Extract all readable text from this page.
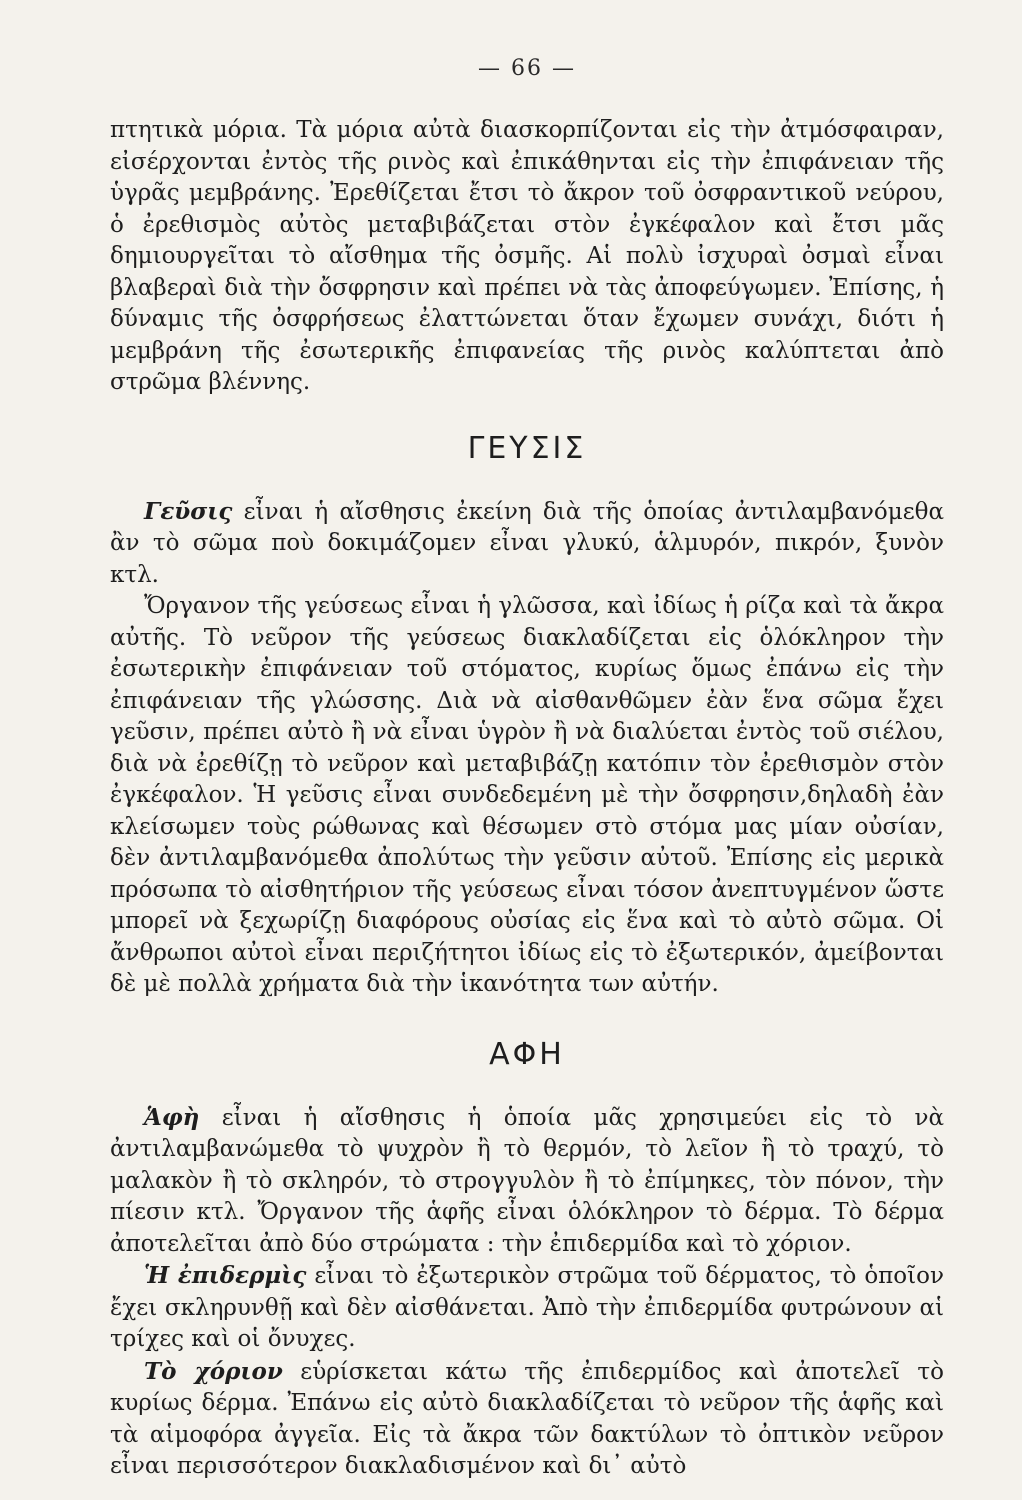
— 66 —

πτητικὰ μόρια. Τὰ μόρια αὐτὰ διασκορπίζονται εἰς τὴν ἀτμόσφαιραν, εἰσέρχονται ἐντὸς τῆς ρινὸς καὶ ἐπικάθηνται εἰς τὴν ἐπιφάνειαν τῆς ὑγρᾶς μεμβράνης. Ἐρεθίζεται ἔτσι τὸ ἄκρον τοῦ ὀσφραντικοῦ νεύρου, ὁ ἐρεθισμὸς αὐτὸς μεταβιβάζεται στὸν ἐγκέφαλον καὶ ἔτσι μᾶς δημιουργεῖται τὸ αἴσθημα τῆς ὀσμῆς. Αἱ πολὺ ἰσχυραὶ ὀσμαὶ εἶναι βλαβεραὶ διὰ τὴν ὄσφρησιν καὶ πρέπει νὰ τὰς ἀποφεύγωμεν. Ἐπίσης, ἡ δύναμις τῆς ὀσφρήσεως ἐλαττώνεται ὅταν ἔχωμεν συνάχι, διότι ἡ μεμβράνη τῆς ἐσωτερικῆς ἐπιφανείας τῆς ρινὸς καλύπτεται ἀπὸ στρῶμα βλέννης.

ΓΕΥΣΙΣ

Γεῦσις εἶναι ἡ αἴσθησις ἐκείνη διὰ τῆς ὁποίας ἀντιλαμβανόμεθα ἂν τὸ σῶμα ποὺ δοκιμάζομεν εἶναι γλυκύ, ἁλμυρόν, πικρόν, ξυνὸν κτλ.

Ὄργανον τῆς γεύσεως εἶναι ἡ γλῶσσα, καὶ ἰδίως ἡ ρίζα καὶ τὰ ἄκρα αὐτῆς. Τὸ νεῦρον τῆς γεύσεως διακλαδίζεται εἰς ὁλόκληρον τὴν ἐσωτερικὴν ἐπιφάνειαν τοῦ στόματος, κυρίως ὅμως ἐπάνω εἰς τὴν ἐπιφάνειαν τῆς γλώσσης. Διὰ νὰ αἰσθανθῶμεν ἐὰν ἕνα σῶμα ἔχει γεῦσιν, πρέπει αὐτὸ ἢ νὰ εἶναι ὑγρὸν ἢ νὰ διαλύεται ἐντὸς τοῦ σιέλου, διὰ νὰ ἐρεθίζῃ τὸ νεῦρον καὶ μεταβιβάζῃ κατόπιν τὸν ἐρεθισμὸν στὸν ἐγκέφαλον. Ἡ γεῦσις εἶναι συνδεδεμένη μὲ τὴν ὄσφρησιν,δηλαδὴ ἐὰν κλείσωμεν τοὺς ρώθωνας καὶ θέσωμεν στὸ στόμα μας μίαν οὐσίαν, δὲν ἀντιλαμβανόμεθα ἀπολύτως τὴν γεῦσιν αὐτοῦ. Ἐπίσης εἰς μερικὰ πρόσωπα τὸ αἰσθητήριον τῆς γεύσεως εἶναι τόσον ἀνεπτυγμένον ὥστε μπορεῖ νὰ ξεχωρίζῃ διαφόρους οὐσίας εἰς ἕνα καὶ τὸ αὐτὸ σῶμα. Οἱ ἄνθρωποι αὐτοὶ εἶναι περιζήτητοι ἰδίως εἰς τὸ ἐξωτερικόν, ἀμείβονται δὲ μὲ πολλὰ χρήματα διὰ τὴν ἱκανότητα των αὐτήν.

ΑΦΗ

Ἁφὴ εἶναι ἡ αἴσθησις ἡ ὁποία μᾶς χρησιμεύει εἰς τὸ νὰ ἀντιλαμβανώμεθα τὸ ψυχρὸν ἢ τὸ θερμόν, τὸ λεῖον ἢ τὸ τραχύ, τὸ μαλακὸν ἢ τὸ σκληρόν, τὸ στρογγυλὸν ἢ τὸ ἐπίμηκες, τὸν πόνον, τὴν πίεσιν κτλ. Ὄργανον τῆς ἁφῆς εἶναι ὁλόκληρον τὸ δέρμα. Τὸ δέρμα ἀποτελεῖται ἀπὸ δύο στρώματα : τὴν ἐπιδερμίδα καὶ τὸ χόριον.

Ἡ ἐπιδερμὶς εἶναι τὸ ἐξωτερικὸν στρῶμα τοῦ δέρματος, τὸ ὁποῖον ἔχει σκληρυνθῇ καὶ δὲν αἰσθάνεται. Ἀπὸ τὴν ἐπιδερμίδα φυτρώνουν αἱ τρίχες καὶ οἱ ὄνυχες.

Τὸ χόριον εὑρίσκεται κάτω τῆς ἐπιδερμίδος καὶ ἀποτελεῖ τὸ κυρίως δέρμα. Ἐπάνω εἰς αὐτὸ διακλαδίζεται τὸ νεῦρον τῆς ἁφῆς καὶ τὰ αἱμοφόρα ἀγγεῖα. Εἰς τὰ ἄκρα τῶν δακτύλων τὸ ὀπτικὸν νεῦρον εἶναι περισσότερον διακλαδισμένον καὶ δι᾽ αὐτὸ
